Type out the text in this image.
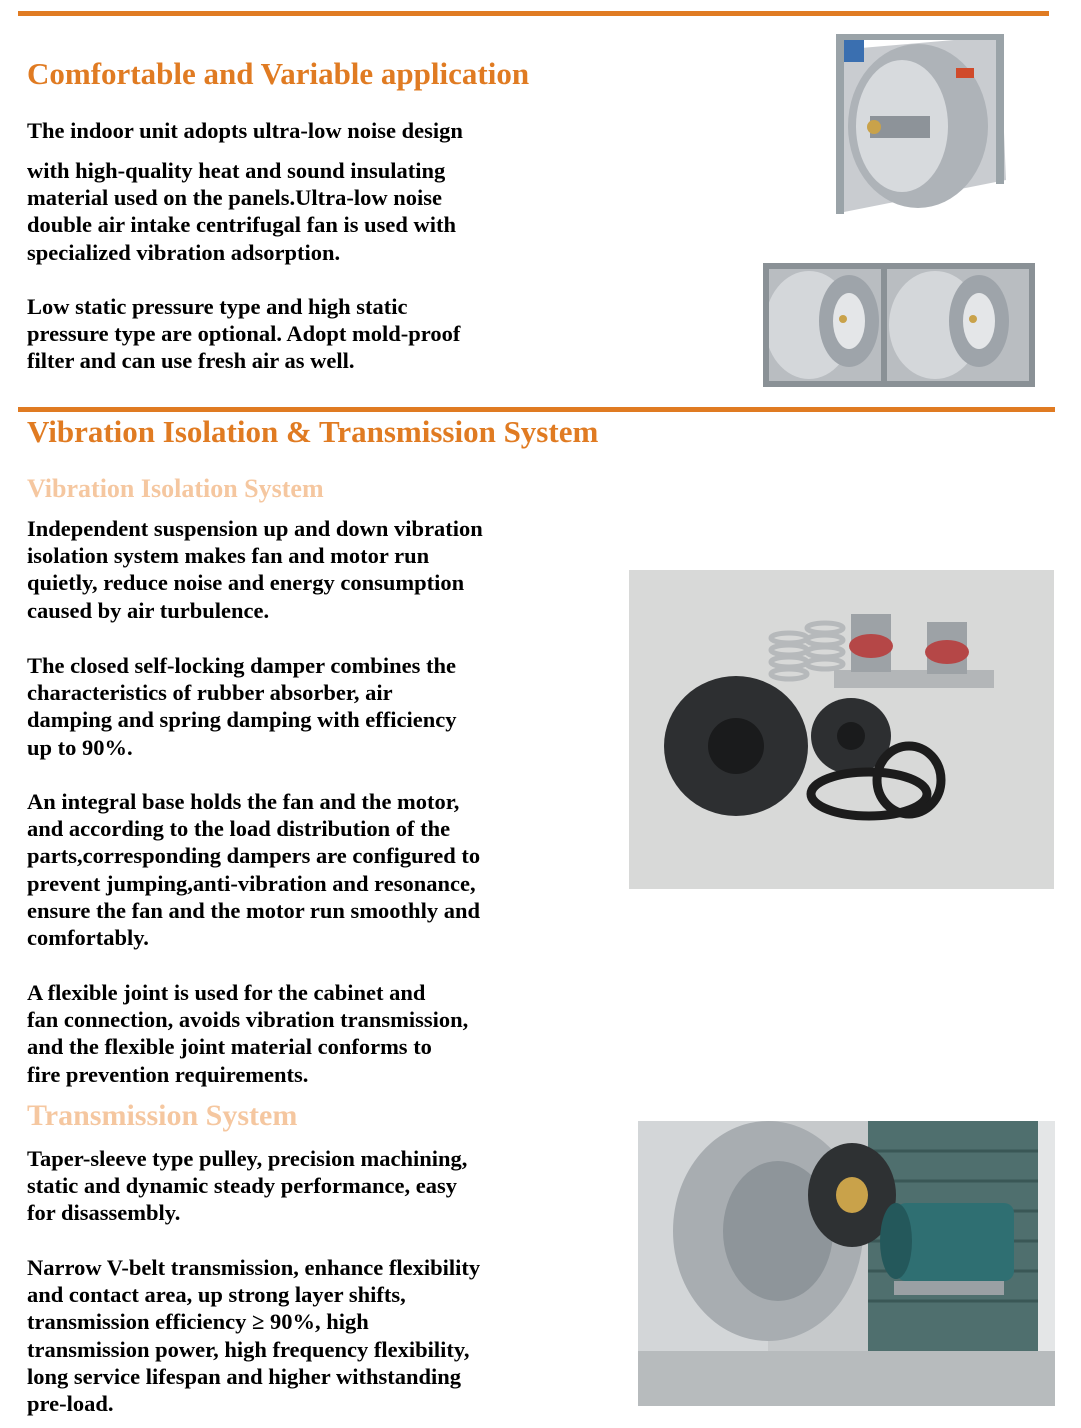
Comfortable and Variable application

The indoor unit adopts ultra-low noise design

with high-quality heat and sound insulating
material used on the panels.Ultra-low noise
double air intake centrifugal fan is used with
specialized vibration adsorption.

Low static pressure type and high static
pressure type are optional. Adopt mold-proof
filter and can use fresh air as well.

Vibration Isolation & Transmission System
Vibration Isolation System

Independent suspension up and down vibration
isolation system makes fan and motor run
quietly, reduce noise and energy consumption
caused by air turbulence.

The closed self-locking damper combines the
characteristics of rubber absorber, air
damping and spring damping with efficiency
up to 90%.

An integral base holds the fan and the motor,
and according to the load distribution of the
parts,corresponding dampers are configured to
prevent jumping,anti-vibration and resonance,
ensure the fan and the motor run smoothly and
comfortably.

A flexible joint is used for the cabinet and
fan connection, avoids vibration transmission,
and the flexible joint material conforms to
fire prevention requirements.

Transmission System

Taper-sleeve type pulley, precision machining,
static and dynamic steady performance, easy
for disassembly.

Narrow V-belt transmission, enhance flexibility
and contact area, up strong layer shifts,
transmission efficiency ≥ 90%, high
transmission power, high frequency flexibility,
long service lifespan and higher withstanding
pre-load.
